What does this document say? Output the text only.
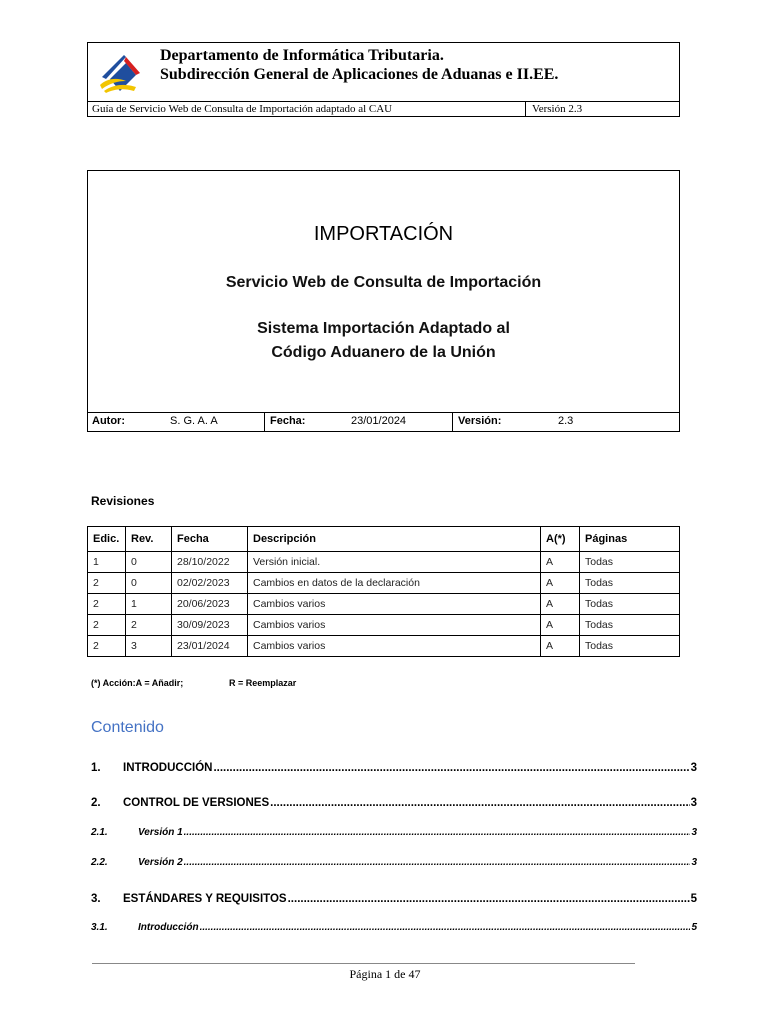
Departamento de Informática Tributaria.
Subdirección General de Aplicaciones de Aduanas e II.EE.
Guía de Servicio Web de Consulta de Importación adaptado al CAU	Versión 2.3
IMPORTACIÓN
Servicio Web de Consulta de Importación
Sistema Importación Adaptado al
Código Aduanero de la Unión
Autor:	S. G. A. A	Fecha:	23/01/2024	Versión:	2.3
Revisiones
Edic.	Rev.	Fecha	Descripción	A(*)	Páginas
1	0	28/10/2022	Versión inicial.	A	Todas
2	0	02/02/2023	Cambios en datos de la declaración	A	Todas
2	1	20/06/2023	Cambios varios	A	Todas
2	2	30/09/2023	Cambios varios	A	Todas
2	3	23/01/2024	Cambios varios	A	Todas
(*) Acción:A = Añadir;	R = Reemplazar
Contenido
1.	INTRODUCCIÓN .....	3
2.	CONTROL DE VERSIONES .....	3
2.1.	Versión 1 .....	3
2.2.	Versión 2 .....	3
3.	ESTÁNDARES Y REQUISITOS .....	5
3.1.	Introducción .....	5
Página 1 de 47
